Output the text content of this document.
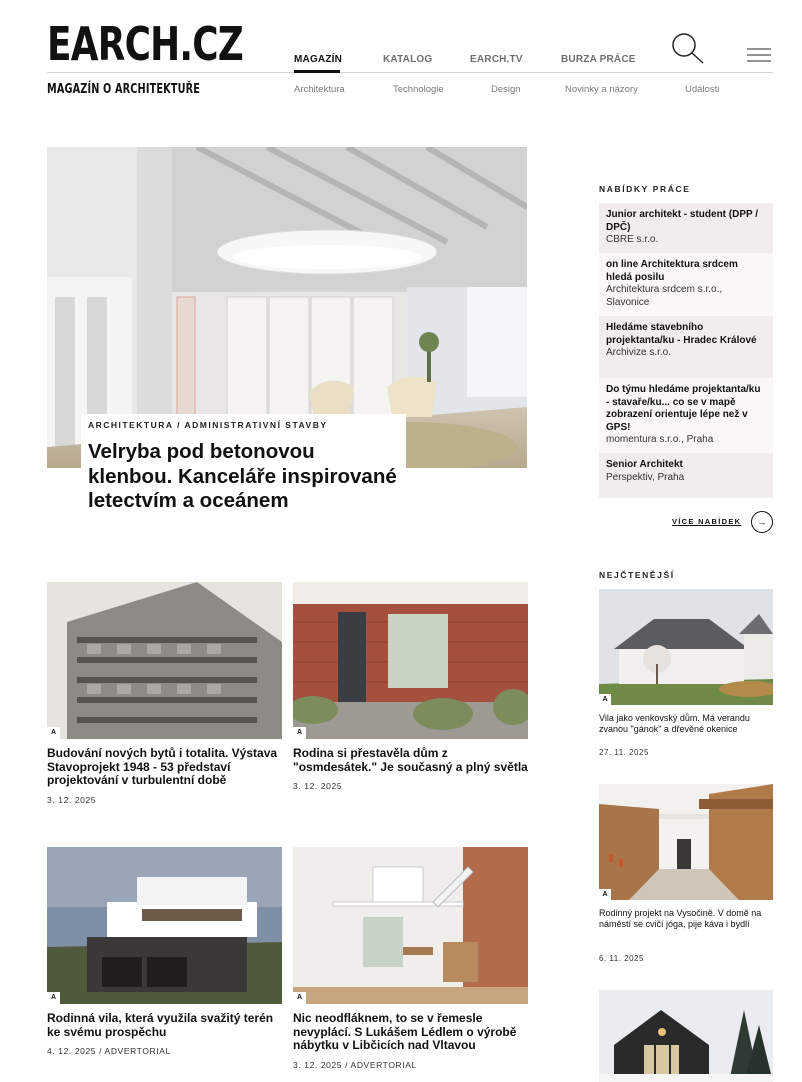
EARCH.CZ
MAGAZÍN O ARCHITEKTUŘE
MAGAZÍN	KATALOG	EARCH.TV	BURZA PRÁCE
Architektura	Technologie	Design	Novinky a názory	Události
ARCHITEKTURA / ADMINISTRATIVNÍ STAVBY
Velryba pod betonovou klenbou. Kanceláře inspirované letectvím a oceánem
A
Budování nových bytů i totalita. Výstava Stavoprojekt 1948 - 53 představí projektování v turbulentní době
3. 12. 2025
A
Rodina si přestavěla dům z "osmdesátek." Je současný a plný světla
3. 12. 2025
A
Rodinná vila, která využila svažitý terén ke svému prospěchu
4. 12. 2025 / ADVERTORIAL
A
Nic neodfláknem, to se v řemesle nevyplácí. S Lukášem Lédlem o výrobě nábytku v Libčicích nad Vltavou
3. 12. 2025 / ADVERTORIAL
NABÍDKY PRÁCE
Junior architekt - student (DPP / DPČ)
CBRE s.r.o.
on line Architektura srdcem hledá posilu
Architektura srdcem s.r.o., Slavonice
Hledáme stavebního projektanta/ku - Hradec Králové
Archivize s.r.o.
Do týmu hledáme projektanta/ku - stavaře/ku... co se v mapě zobrazení orientuje lépe než v GPS!
momentura s.r.o., Praha
Senior Architekt
Perspektiv, Praha
VÍCE NABÍDEK	→
NEJČTENĚJŠÍ
A
Vila jako venkovský dům. Má verandu zvanou "gánok" a dřevěné okenice
27. 11. 2025
A
Rodinný projekt na Vysočině. V domě na náměstí se cvičí jóga, pije káva i bydlí
6. 11. 2025
